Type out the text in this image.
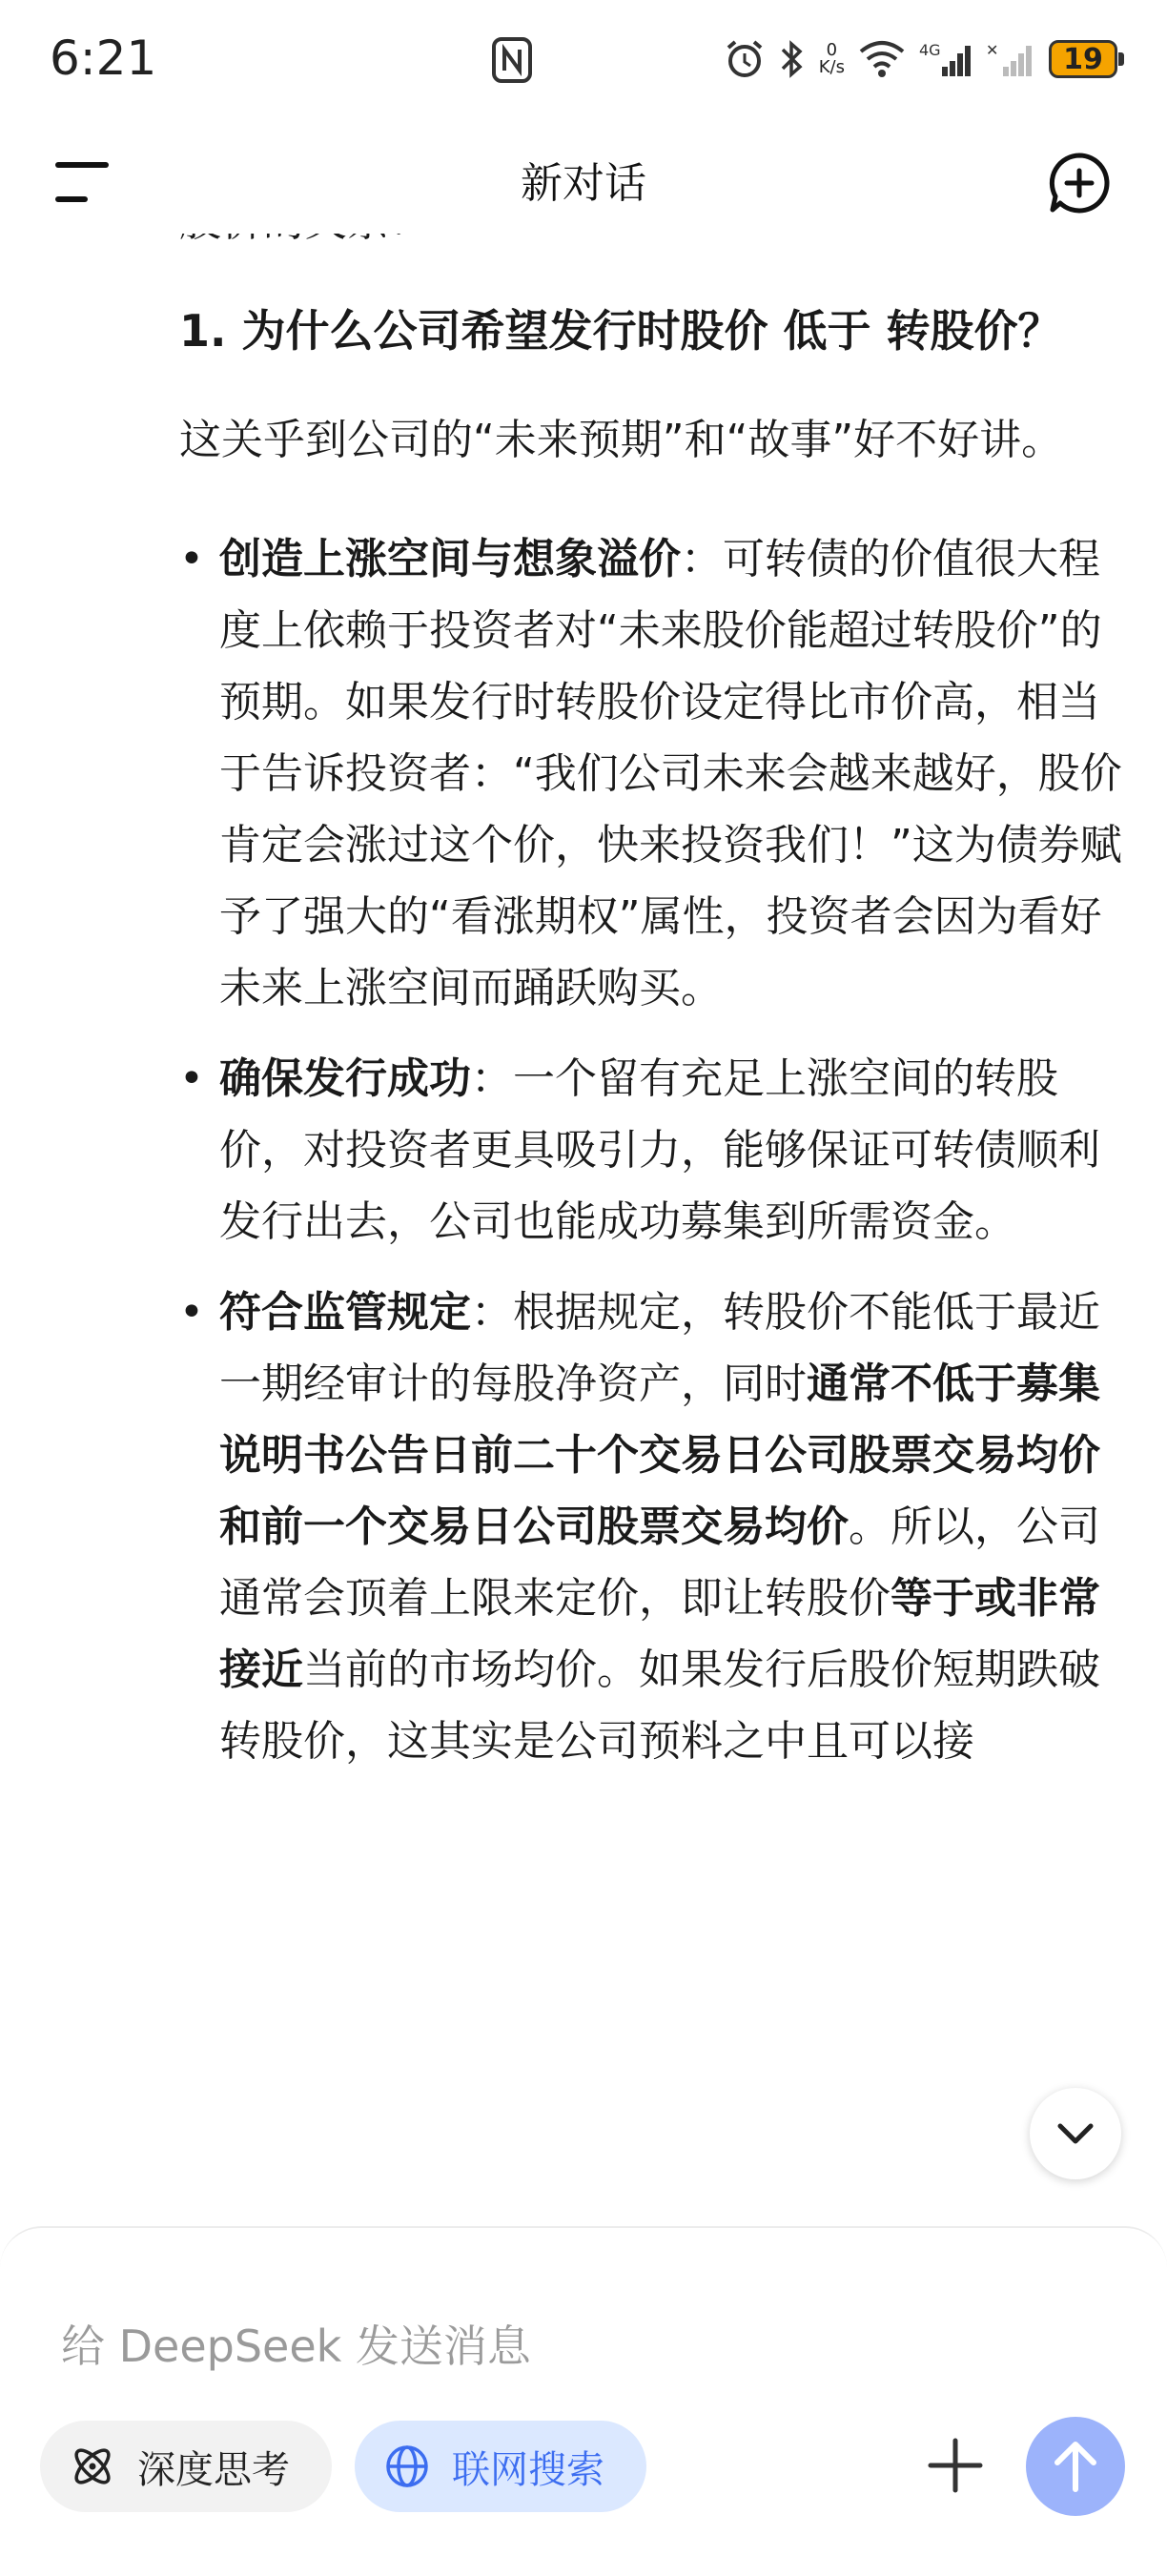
6:21	0
K/s
4G	✕	19
新对话
1. 为什么公司希望发行时股价 低于 转股价？

这关乎到公司的“未来预期”和“故事”好不好讲。

• 创造上涨空间与想象溢价：可转债的价值很大程度上依赖于投资者对“未来股价能超过转股价”的预期。如果发行时转股价设定得比市价高，相当于告诉投资者：“我们公司未来会越来越好，股价肯定会涨过这个价，快来投资我们！”这为债券赋予了强大的“看涨期权”属性，投资者会因为看好未来上涨空间而踊跃购买。
• 确保发行成功：一个留有充足上涨空间的转股价，对投资者更具吸引力，能够保证可转债顺利发行出去，公司也能成功募集到所需资金。
• 符合监管规定：根据规定，转股价不能低于最近一期经审计的每股净资产，同时通常不低于募集说明书公告日前二十个交易日公司股票交易均价和前一个交易日公司股票交易均价。所以，公司通常会顶着上限来定价，即让转股价等于或非常接近当前的市场均价。如果发行后股价短期跌破转股价，这其实是公司预料之中且可以接
给 DeepSeek 发送消息
深度思考	联网搜索
